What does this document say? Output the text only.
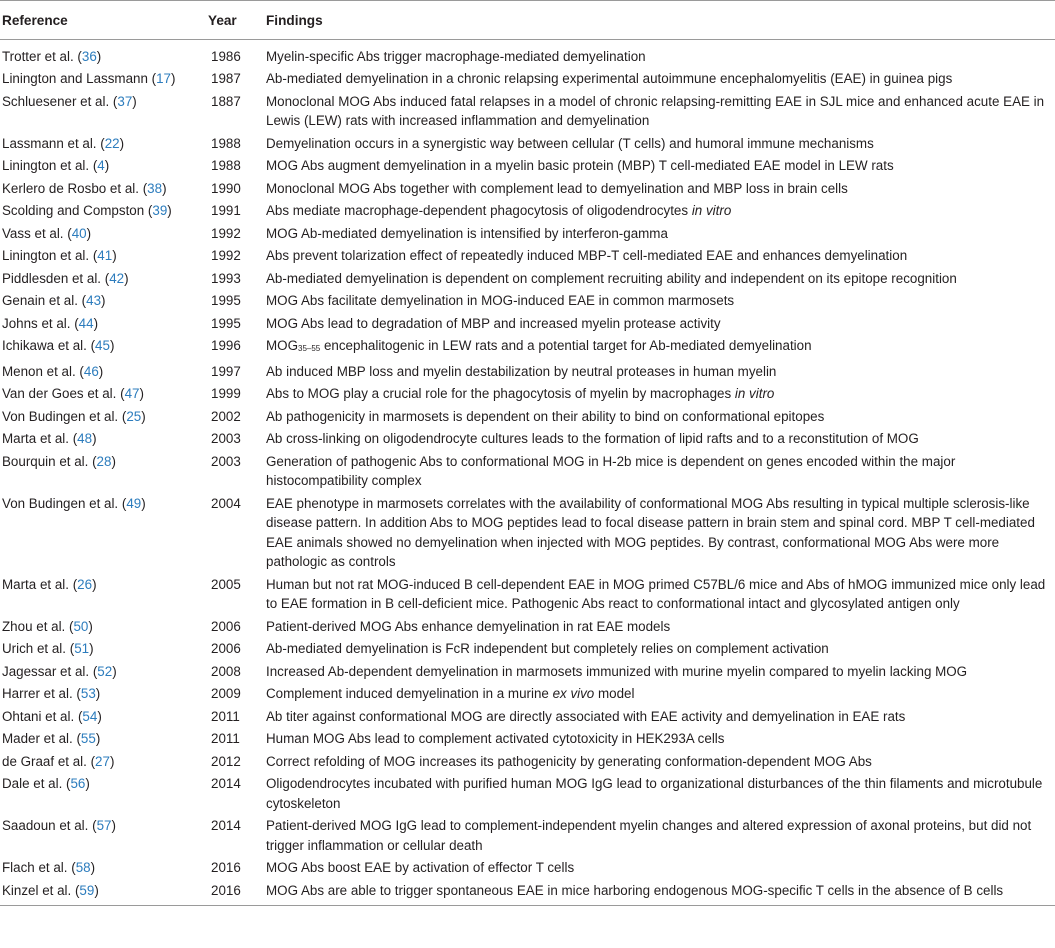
Reference	Year	Findings
Trotter et al. (36)	1986	Myelin-specific Abs trigger macrophage-mediated demyelination
Linington and Lassmann (17)	1987	Ab-mediated demyelination in a chronic relapsing experimental autoimmune encephalomyelitis (EAE) in guinea pigs
Schluesener et al. (37)	1887	Monoclonal MOG Abs induced fatal relapses in a model of chronic relapsing-remitting EAE in SJL mice and enhanced acute EAE in Lewis (LEW) rats with increased inflammation and demyelination
Lassmann et al. (22)	1988	Demyelination occurs in a synergistic way between cellular (T cells) and humoral immune mechanisms
Linington et al. (4)	1988	MOG Abs augment demyelination in a myelin basic protein (MBP) T cell-mediated EAE model in LEW rats
Kerlero de Rosbo et al. (38)	1990	Monoclonal MOG Abs together with complement lead to demyelination and MBP loss in brain cells
Scolding and Compston (39)	1991	Abs mediate macrophage-dependent phagocytosis of oligodendrocytes in vitro
Vass et al. (40)	1992	MOG Ab-mediated demyelination is intensified by interferon-gamma
Linington et al. (41)	1992	Abs prevent tolarization effect of repeatedly induced MBP-T cell-mediated EAE and enhances demyelination
Piddlesden et al. (42)	1993	Ab-mediated demyelination is dependent on complement recruiting ability and independent on its epitope recognition
Genain et al. (43)	1995	MOG Abs facilitate demyelination in MOG-induced EAE in common marmosets
Johns et al. (44)	1995	MOG Abs lead to degradation of MBP and increased myelin protease activity
Ichikawa et al. (45)	1996	MOG35–55 encephalitogenic in LEW rats and a potential target for Ab-mediated demyelination
Menon et al. (46)	1997	Ab induced MBP loss and myelin destabilization by neutral proteases in human myelin
Van der Goes et al. (47)	1999	Abs to MOG play a crucial role for the phagocytosis of myelin by macrophages in vitro
Von Budingen et al. (25)	2002	Ab pathogenicity in marmosets is dependent on their ability to bind on conformational epitopes
Marta et al. (48)	2003	Ab cross-linking on oligodendrocyte cultures leads to the formation of lipid rafts and to a reconstitution of MOG
Bourquin et al. (28)	2003	Generation of pathogenic Abs to conformational MOG in H-2b mice is dependent on genes encoded within the major histocompatibility complex
Von Budingen et al. (49)	2004	EAE phenotype in marmosets correlates with the availability of conformational MOG Abs resulting in typical multiple sclerosis-like disease pattern. In addition Abs to MOG peptides lead to focal disease pattern in brain stem and spinal cord. MBP T cell-mediated EAE animals showed no demyelination when injected with MOG peptides. By contrast, conformational MOG Abs were more pathologic as controls
Marta et al. (26)	2005	Human but not rat MOG-induced B cell-dependent EAE in MOG primed C57BL/6 mice and Abs of hMOG immunized mice only lead to EAE formation in B cell-deficient mice. Pathogenic Abs react to conformational intact and glycosylated antigen only
Zhou et al. (50)	2006	Patient-derived MOG Abs enhance demyelination in rat EAE models
Urich et al. (51)	2006	Ab-mediated demyelination is FcR independent but completely relies on complement activation
Jagessar et al. (52)	2008	Increased Ab-dependent demyelination in marmosets immunized with murine myelin compared to myelin lacking MOG
Harrer et al. (53)	2009	Complement induced demyelination in a murine ex vivo model
Ohtani et al. (54)	2011	Ab titer against conformational MOG are directly associated with EAE activity and demyelination in EAE rats
Mader et al. (55)	2011	Human MOG Abs lead to complement activated cytotoxicity in HEK293A cells
de Graaf et al. (27)	2012	Correct refolding of MOG increases its pathogenicity by generating conformation-dependent MOG Abs
Dale et al. (56)	2014	Oligodendrocytes incubated with purified human MOG IgG lead to organizational disturbances of the thin filaments and microtubule cytoskeleton
Saadoun et al. (57)	2014	Patient-derived MOG IgG lead to complement-independent myelin changes and altered expression of axonal proteins, but did not trigger inflammation or cellular death
Flach et al. (58)	2016	MOG Abs boost EAE by activation of effector T cells
Kinzel et al. (59)	2016	MOG Abs are able to trigger spontaneous EAE in mice harboring endogenous MOG-specific T cells in the absence of B cells
